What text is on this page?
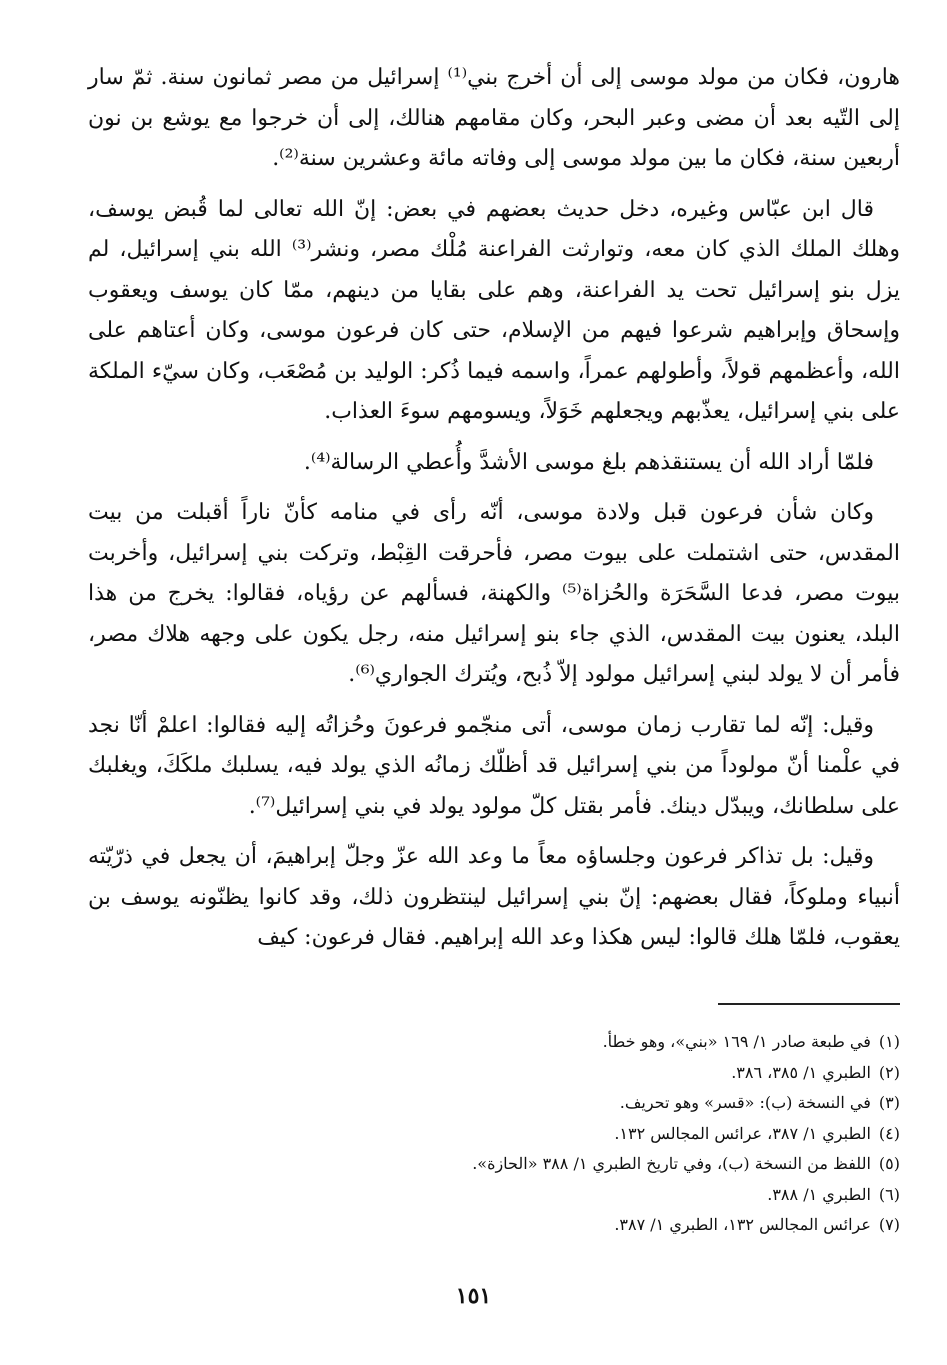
هارون، فكان من مولد موسى إلى أن أخرج بني⁽¹⁾ إسرائيل من مصر ثمانون سنة. ثمّ سار إلى التّيه بعد أن مضى وعبر البحر، وكان مقامهم هنالك، إلى أن خرجوا مع يوشع بن نون أربعين سنة، فكان ما بين مولد موسى إلى وفاته مائة وعشرين سنة⁽²⁾.

قال ابن عبّاس وغيره، دخل حديث بعضهم في بعض: إنّ الله تعالى لما قُبض يوسف، وهلك الملك الذي كان معه، وتوارثت الفراعنة مُلْك مصر، ونشر⁽³⁾ الله بني إسرائيل، لم يزل بنو إسرائيل تحت يد الفراعنة، وهم على بقايا من دينهم، ممّا كان يوسف ويعقوب وإسحاق وإبراهيم شرعوا فيهم من الإسلام، حتى كان فرعون موسى، وكان أعتاهم على الله، وأعظمهم قولاً، وأطولهم عمراً، واسمه فيما ذُكر: الوليد بن مُصْعَب، وكان سيّء الملكة على بني إسرائيل، يعذّبهم ويجعلهم خَوَلاً، ويسومهم سوءَ العذاب.

فلمّا أراد الله أن يستنقذهم بلغ موسى الأشدَّ وأُعطي الرسالة⁽⁴⁾.

وكان شأن فرعون قبل ولادة موسى، أنّه رأى في منامه كأنّ ناراً أقبلت من بيت المقدس، حتى اشتملت على بيوت مصر، فأحرقت القِبْط، وتركت بني إسرائيل، وأخربت بيوت مصر، فدعا السَّحَرَة والحُزاة⁽⁵⁾ والكهنة، فسألهم عن رؤياه، فقالوا: يخرج من هذا البلد، يعنون بيت المقدس، الذي جاء بنو إسرائيل منه، رجل يكون على وجهه هلاك مصر، فأمر أن لا يولد لبني إسرائيل مولود إلاّ ذُبح، ويُترك الجواري⁽⁶⁾.

وقيل: إنّه لما تقارب زمان موسى، أتى منجّمو فرعونَ وحُزاتُه إليه فقالوا: اعلمْ أنّا نجد في علْمنا أنّ مولوداً من بني إسرائيل قد أظلّك زمانُه الذي يولد فيه، يسلبك ملكَكَ، ويغلبك على سلطانك، ويبدّل دينك. فأمر بقتل كلّ مولود يولد في بني إسرائيل⁽⁷⁾.

وقيل: بل تذاكر فرعون وجلساؤه معاً ما وعد الله عزّ وجلّ إبراهيمَ، أن يجعل في ذرّيّته أنبياء وملوكاً، فقال بعضهم: إنّ بني إسرائيل لينتظرون ذلك، وقد كانوا يظنّونه يوسف بن يعقوب، فلمّا هلك قالوا: ليس هكذا وعد الله إبراهيم. فقال فرعون: كيف

(١)في طبعة صادر ١/ ١٦٩ «بني»، وهو خطأ.
(٢)الطبري ١/ ٣٨٥، ٣٨٦.
(٣)في النسخة (ب): «قسر» وهو تحريف.
(٤)الطبري ١/ ٣٨٧، عرائس المجالس ١٣٢.
(٥)اللفظ من النسخة (ب)، وفي تاريخ الطبري ١/ ٣٨٨ «الحازة».
(٦)الطبري ١/ ٣٨٨.
(٧)عرائس المجالس ١٣٢، الطبري ١/ ٣٨٧.
١٥١
